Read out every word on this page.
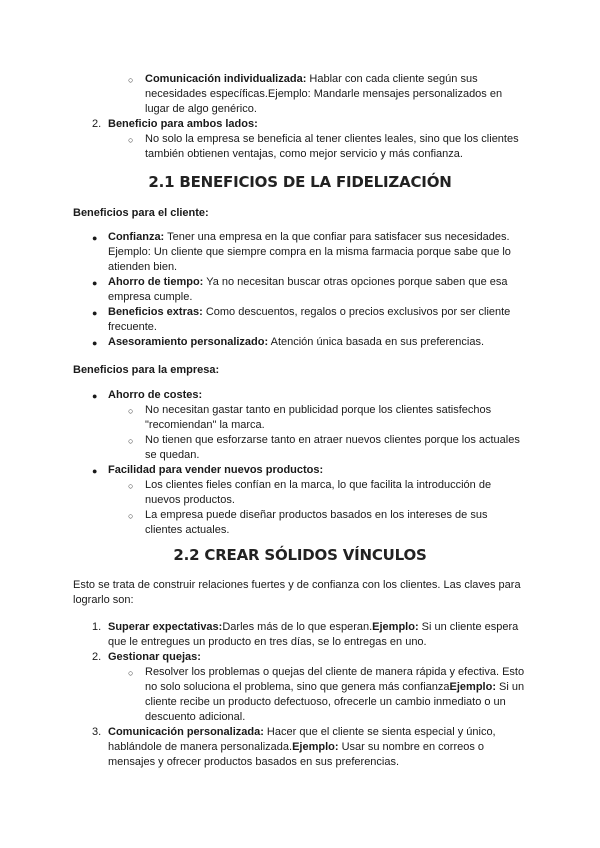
○ Comunicación individualizada: Hablar con cada cliente según sus
necesidades específicas.Ejemplo: Mandarle mensajes personalizados en
lugar de algo genérico.
2. Beneficio para ambos lados:
○ No solo la empresa se beneficia al tener clientes leales, sino que los clientes
también obtienen ventajas, como mejor servicio y más confianza.
2.1 BENEFICIOS DE LA FIDELIZACIÓN
Beneficios para el cliente:
● Confianza: Tener una empresa en la que confiar para satisfacer sus necesidades.
Ejemplo: Un cliente que siempre compra en la misma farmacia porque sabe que lo
atienden bien.
● Ahorro de tiempo: Ya no necesitan buscar otras opciones porque saben que esa
empresa cumple.
● Beneficios extras: Como descuentos, regalos o precios exclusivos por ser cliente
frecuente.
● Asesoramiento personalizado: Atención única basada en sus preferencias.
Beneficios para la empresa:
● Ahorro de costes:
○ No necesitan gastar tanto en publicidad porque los clientes satisfechos
"recomiendan" la marca.
○ No tienen que esforzarse tanto en atraer nuevos clientes porque los actuales
se quedan.
● Facilidad para vender nuevos productos:
○ Los clientes fieles confían en la marca, lo que facilita la introducción de
nuevos productos.
○ La empresa puede diseñar productos basados en los intereses de sus
clientes actuales.
2.2 CREAR SÓLIDOS VÍNCULOS
Esto se trata de construir relaciones fuertes y de confianza con los clientes. Las claves para
lograrlo son:
1. Superar expectativas:Darles más de lo que esperan.Ejemplo: Si un cliente espera
que le entregues un producto en tres días, se lo entregas en uno.
2. Gestionar quejas:
○ Resolver los problemas o quejas del cliente de manera rápida y efectiva. Esto
no solo soluciona el problema, sino que genera más confianzaEjemplo: Si un
cliente recibe un producto defectuoso, ofrecerle un cambio inmediato o un
descuento adicional.
3. Comunicación personalizada: Hacer que el cliente se sienta especial y único,
hablándole de manera personalizada.Ejemplo: Usar su nombre en correos o
mensajes y ofrecer productos basados en sus preferencias.
